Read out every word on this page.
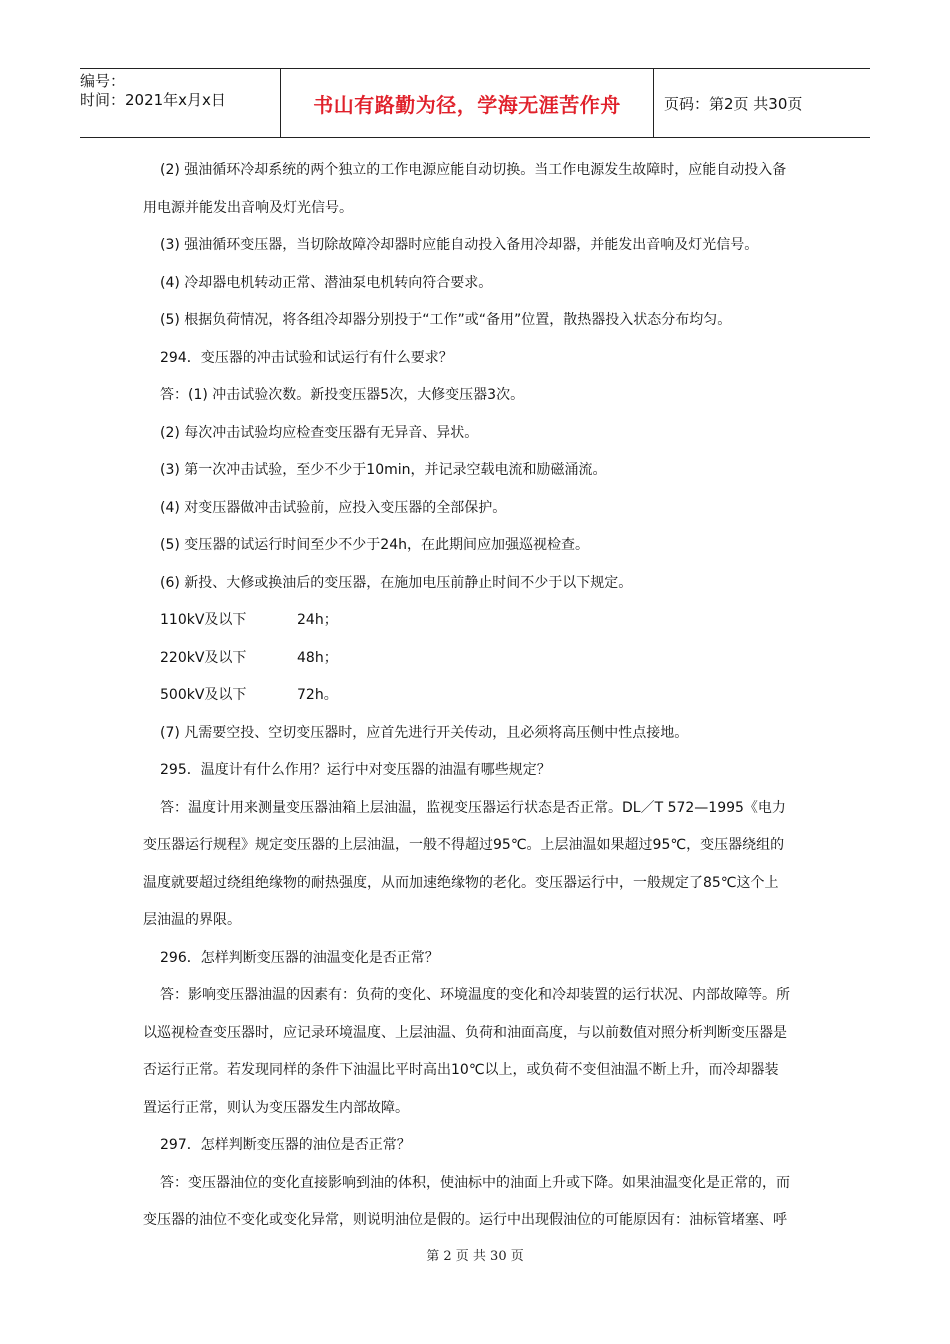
编号：
时间：2021年x月x日	书山有路勤为径，学海无涯苦作舟	页码：第2页 共30页
(2) 强油循环冷却系统的两个独立的工作电源应能自动切换。当工作电源发生故障时，应能自动投入备
用电源并能发出音响及灯光信号。
(3) 强油循环变压器，当切除故障冷却器时应能自动投入备用冷却器，并能发出音响及灯光信号。
(4) 冷却器电机转动正常、潜油泵电机转向符合要求。
(5) 根据负荷情况，将各组冷却器分别投于“工作”或“备用”位置，散热器投入状态分布均匀。
294．变压器的冲击试验和试运行有什么要求？
答：(1) 冲击试验次数。新投变压器5次，大修变压器3次。
(2) 每次冲击试验均应检查变压器有无异音、异状。
(3) 第一次冲击试验，至少不少于10min，并记录空载电流和励磁涌流。
(4) 对变压器做冲击试验前，应投入变压器的全部保护。
(5) 变压器的试运行时间至少不少于24h，在此期间应加强巡视检查。
(6) 新投、大修或换油后的变压器，在施加电压前静止时间不少于以下规定。
110kV及以下	24h；
220kV及以下	48h；
500kV及以下	72h。
(7) 凡需要空投、空切变压器时，应首先进行开关传动，且必须将高压侧中性点接地。
295．温度计有什么作用？运行中对变压器的油温有哪些规定？
答：温度计用来测量变压器油箱上层油温，监视变压器运行状态是否正常。DL／T 572—1995《电力
变压器运行规程》规定变压器的上层油温，一般不得超过95℃。上层油温如果超过95℃，变压器绕组的
温度就要超过绕组绝缘物的耐热强度，从而加速绝缘物的老化。变压器运行中，一般规定了85℃这个上
层油温的界限。
296．怎样判断变压器的油温变化是否正常？
答：影响变压器油温的因素有：负荷的变化、环境温度的变化和冷却装置的运行状况、内部故障等。所
以巡视检查变压器时，应记录环境温度、上层油温、负荷和油面高度，与以前数值对照分析判断变压器是
否运行正常。若发现同样的条件下油温比平时高出10℃以上，或负荷不变但油温不断上升，而冷却器装
置运行正常，则认为变压器发生内部故障。
297．怎样判断变压器的油位是否正常？
答：变压器油位的变化直接影响到油的体积，使油标中的油面上升或下降。如果油温变化是正常的，而
变压器的油位不变化或变化异常，则说明油位是假的。运行中出现假油位的可能原因有：油标管堵塞、呼
第 2 页 共 30 页
